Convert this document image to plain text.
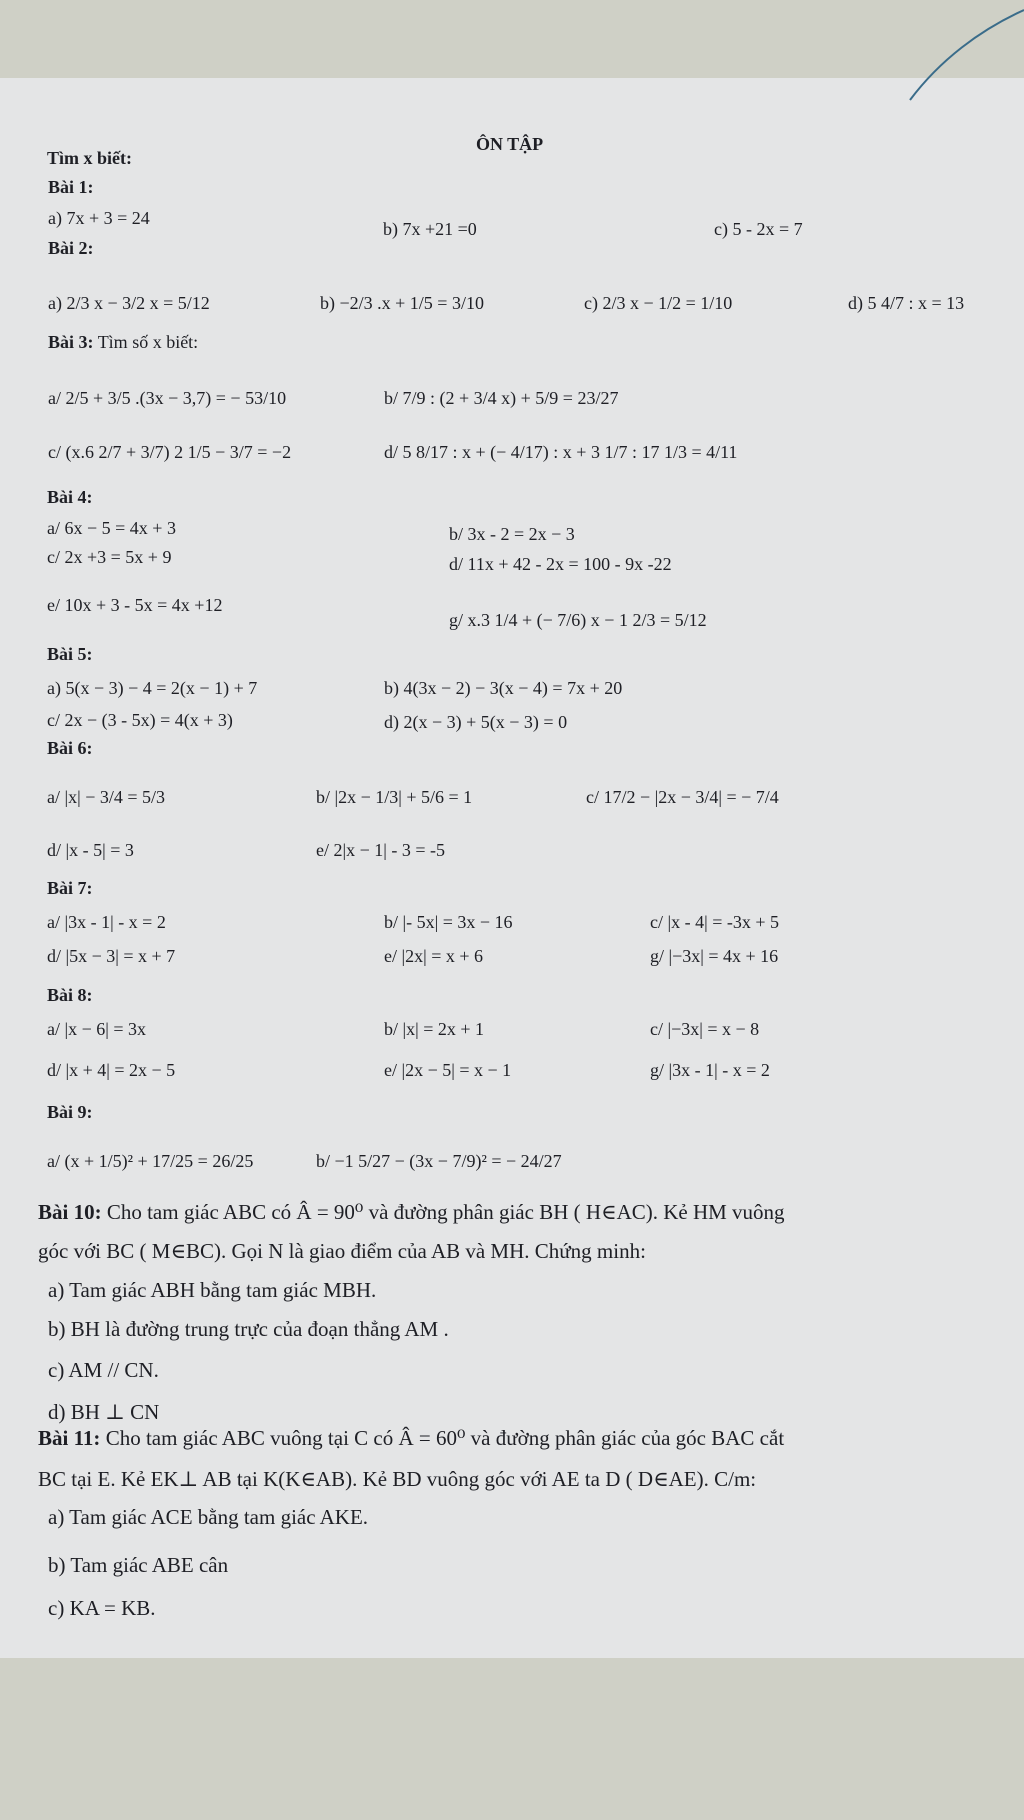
ÔN TẬP
Tìm x biết:
Bài 1:
a) 7x + 3 = 24
b) 7x +21 =0	c) 5 - 2x = 7
Bài 2:
a) 2/3 x − 3/2 x = 5/12	b) −2/3 .x + 1/5 = 3/10	c) 2/3 x − 1/2 = 1/10	d) 5 4/7 : x = 13
Bài 3: Tìm số x biết:
a/ 2/5 + 3/5 .(3x − 3,7) = − 53/10	b/ 7/9 : (2 + 3/4 x) + 5/9 = 23/27
c/ (x.6 2/7 + 3/7) 2 1/5 − 3/7 = −2	d/ 5 8/17 : x + (− 4/17) : x + 3 1/7 : 17 1/3 = 4/11
Bài 4:
a/ 6x − 5 = 4x + 3	b/ 3x - 2 = 2x − 3
c/ 2x +3 = 5x + 9	d/ 11x + 42 - 2x = 100 - 9x -22
e/ 10x + 3 - 5x = 4x +12
g/ x.3 1/4 + (− 7/6) x − 1 2/3 = 5/12
Bài 5:
a) 5(x − 3) − 4 = 2(x − 1) + 7	b) 4(3x − 2) − 3(x − 4) = 7x + 20
c/ 2x − (3 - 5x) = 4(x + 3)	d) 2(x − 3) + 5(x − 3) = 0
Bài 6:
a/ |x| − 3/4 = 5/3	b/ |2x − 1/3| + 5/6 = 1	c/ 17/2 − |2x − 3/4| = − 7/4
d/ |x - 5| = 3	e/ 2|x − 1| - 3 = -5
Bài 7:
a/ |3x - 1| - x = 2	b/ |- 5x| = 3x − 16	c/ |x - 4| = -3x + 5
d/ |5x − 3| = x + 7	e/ |2x| = x + 6	g/ |−3x| = 4x + 16
Bài 8:
a/ |x − 6| = 3x	b/ |x| = 2x + 1	c/ |−3x| = x − 8
d/ |x + 4| = 2x − 5	e/ |2x − 5| = x − 1	g/ |3x - 1| - x = 2
Bài 9:
a/ (x + 1/5)² + 17/25 = 26/25	b/ −1 5/27 − (3x − 7/9)² = − 24/27
Bài 10: Cho tam giác ABC có Â = 90⁰ và đường phân giác BH ( H∈AC). Kẻ HM vuông
góc với BC ( M∈BC). Gọi N là giao điểm của AB và MH. Chứng minh:
a) Tam giác ABH bằng tam giác MBH.
b) BH là đường trung trực của đoạn thẳng AM .
c) AM // CN.
d) BH ⊥ CN
Bài 11: Cho tam giác ABC vuông tại C có Â = 60⁰ và đường phân giác của góc BAC cắt
BC tại E. Kẻ EK⊥ AB tại K(K∈AB). Kẻ BD vuông góc với AE ta D ( D∈AE). C/m:
a) Tam giác ACE bằng tam giác AKE.
b) Tam giác ABE cân
c) KA = KB.
